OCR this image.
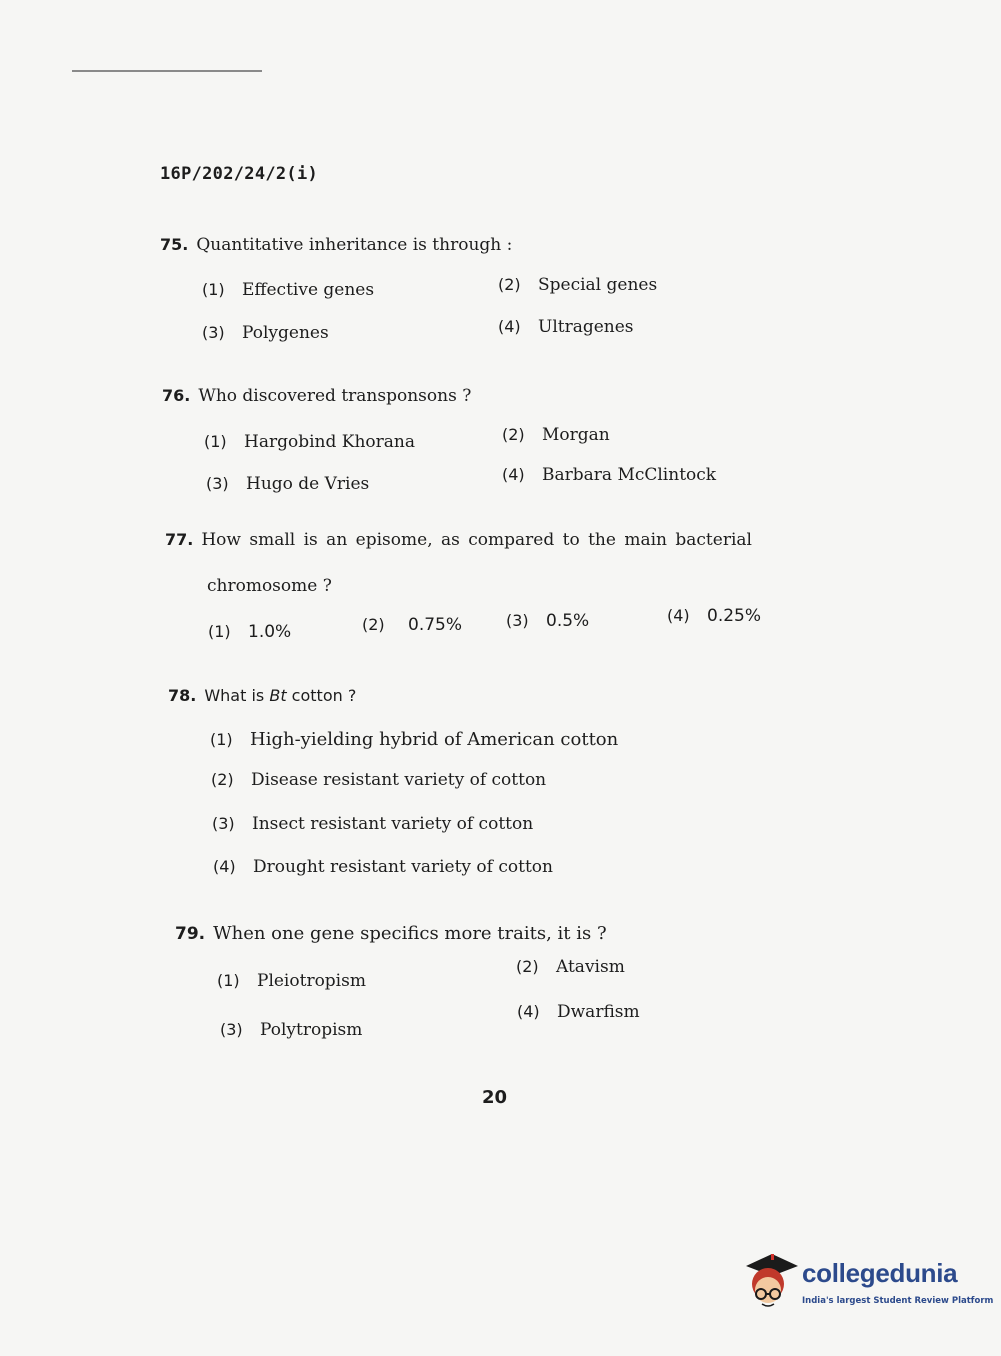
16P/202/24/2(i)
75. Quantitative inheritance is through :
(1) Effective genes	(2) Special genes
(3) Polygenes	(4) Ultragenes
76. Who discovered transponsons ?
(1) Hargobind Khorana	(2) Morgan
(3) Hugo de Vries	(4) Barbara McClintock
77. How small is an episome, as compared to the main bacterial
chromosome ?
(1) 1.0%	(2) 0.75%	(3) 0.5%	(4) 0.25%
78. What is Bt cotton ?
(1) High-yielding hybrid of American cotton
(2) Disease resistant variety of cotton
(3) Insect resistant variety of cotton
(4) Drought resistant variety of cotton
79. When one gene specifics more traits, it is ?
(1) Pleiotropism
(2) Atavism
(3) Polytropism
(4) Dwarfism
20
collegedunia
India's largest Student Review Platform
